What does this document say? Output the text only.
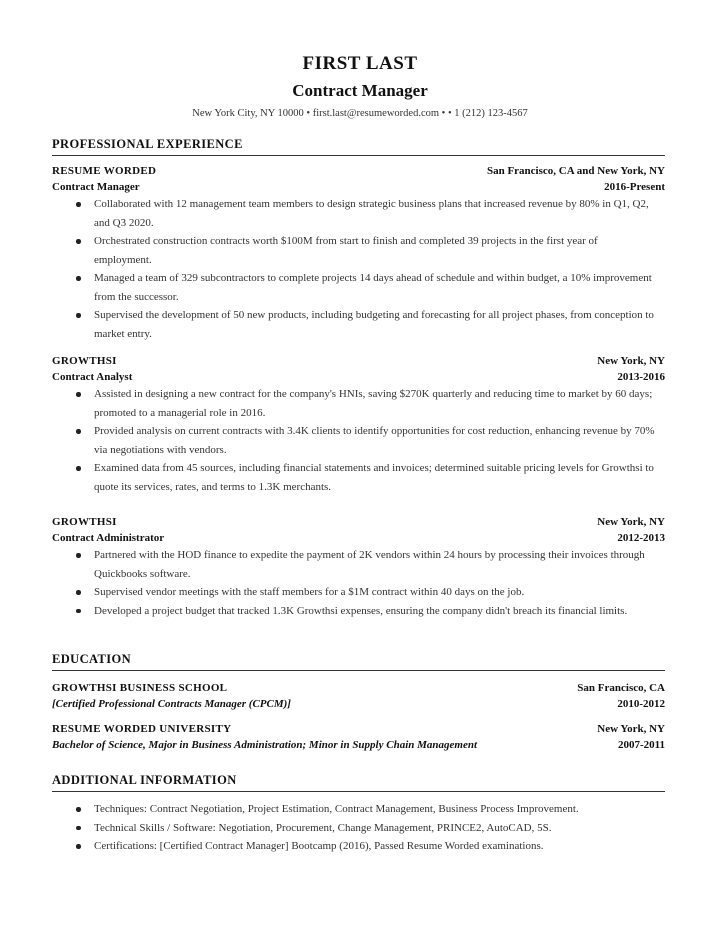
FIRST LAST
Contract Manager
New York City, NY 10000 • first.last@resumeworded.com • • 1 (212) 123-4567
PROFESSIONAL EXPERIENCE
RESUME WORDED	San Francisco, CA and New York, NY
Contract Manager	2016-Present
Collaborated with 12 management team members to design strategic business plans that increased revenue by 80% in Q1, Q2, and Q3 2020.
Orchestrated construction contracts worth $100M from start to finish and completed 39 projects in the first year of employment.
Managed a team of 329 subcontractors to complete projects 14 days ahead of schedule and within budget, a 10% improvement from the successor.
Supervised the development of 50 new products, including budgeting and forecasting for all project phases, from conception to market entry.
GROWTHSI	New York, NY
Contract Analyst	2013-2016
Assisted in designing a new contract for the company's HNIs, saving $270K quarterly and reducing time to market by 60 days; promoted to a managerial role in 2016.
Provided analysis on current contracts with 3.4K clients to identify opportunities for cost reduction, enhancing revenue by 70% via negotiations with vendors.
Examined data from 45 sources, including financial statements and invoices; determined suitable pricing levels for Growthsi to quote its services, rates, and terms to 1.3K merchants.
GROWTHSI	New York, NY
Contract Administrator	2012-2013
Partnered with the HOD finance to expedite the payment of 2K vendors within 24 hours by processing their invoices through Quickbooks software.
Supervised vendor meetings with the staff members for a $1M contract within 40 days on the job.
Developed a project budget that tracked 1.3K Growthsi expenses, ensuring the company didn't breach its financial limits.
EDUCATION
GROWTHSI BUSINESS SCHOOL	San Francisco, CA
[Certified Professional Contracts Manager (CPCM)]	2010-2012
RESUME WORDED UNIVERSITY	New York, NY
Bachelor of Science, Major in Business Administration; Minor in Supply Chain Management	2007-2011
ADDITIONAL INFORMATION
Techniques: Contract Negotiation, Project Estimation, Contract Management, Business Process Improvement.
Technical Skills / Software: Negotiation, Procurement, Change Management, PRINCE2, AutoCAD, 5S.
Certifications: [Certified Contract Manager] Bootcamp (2016), Passed Resume Worded examinations.
